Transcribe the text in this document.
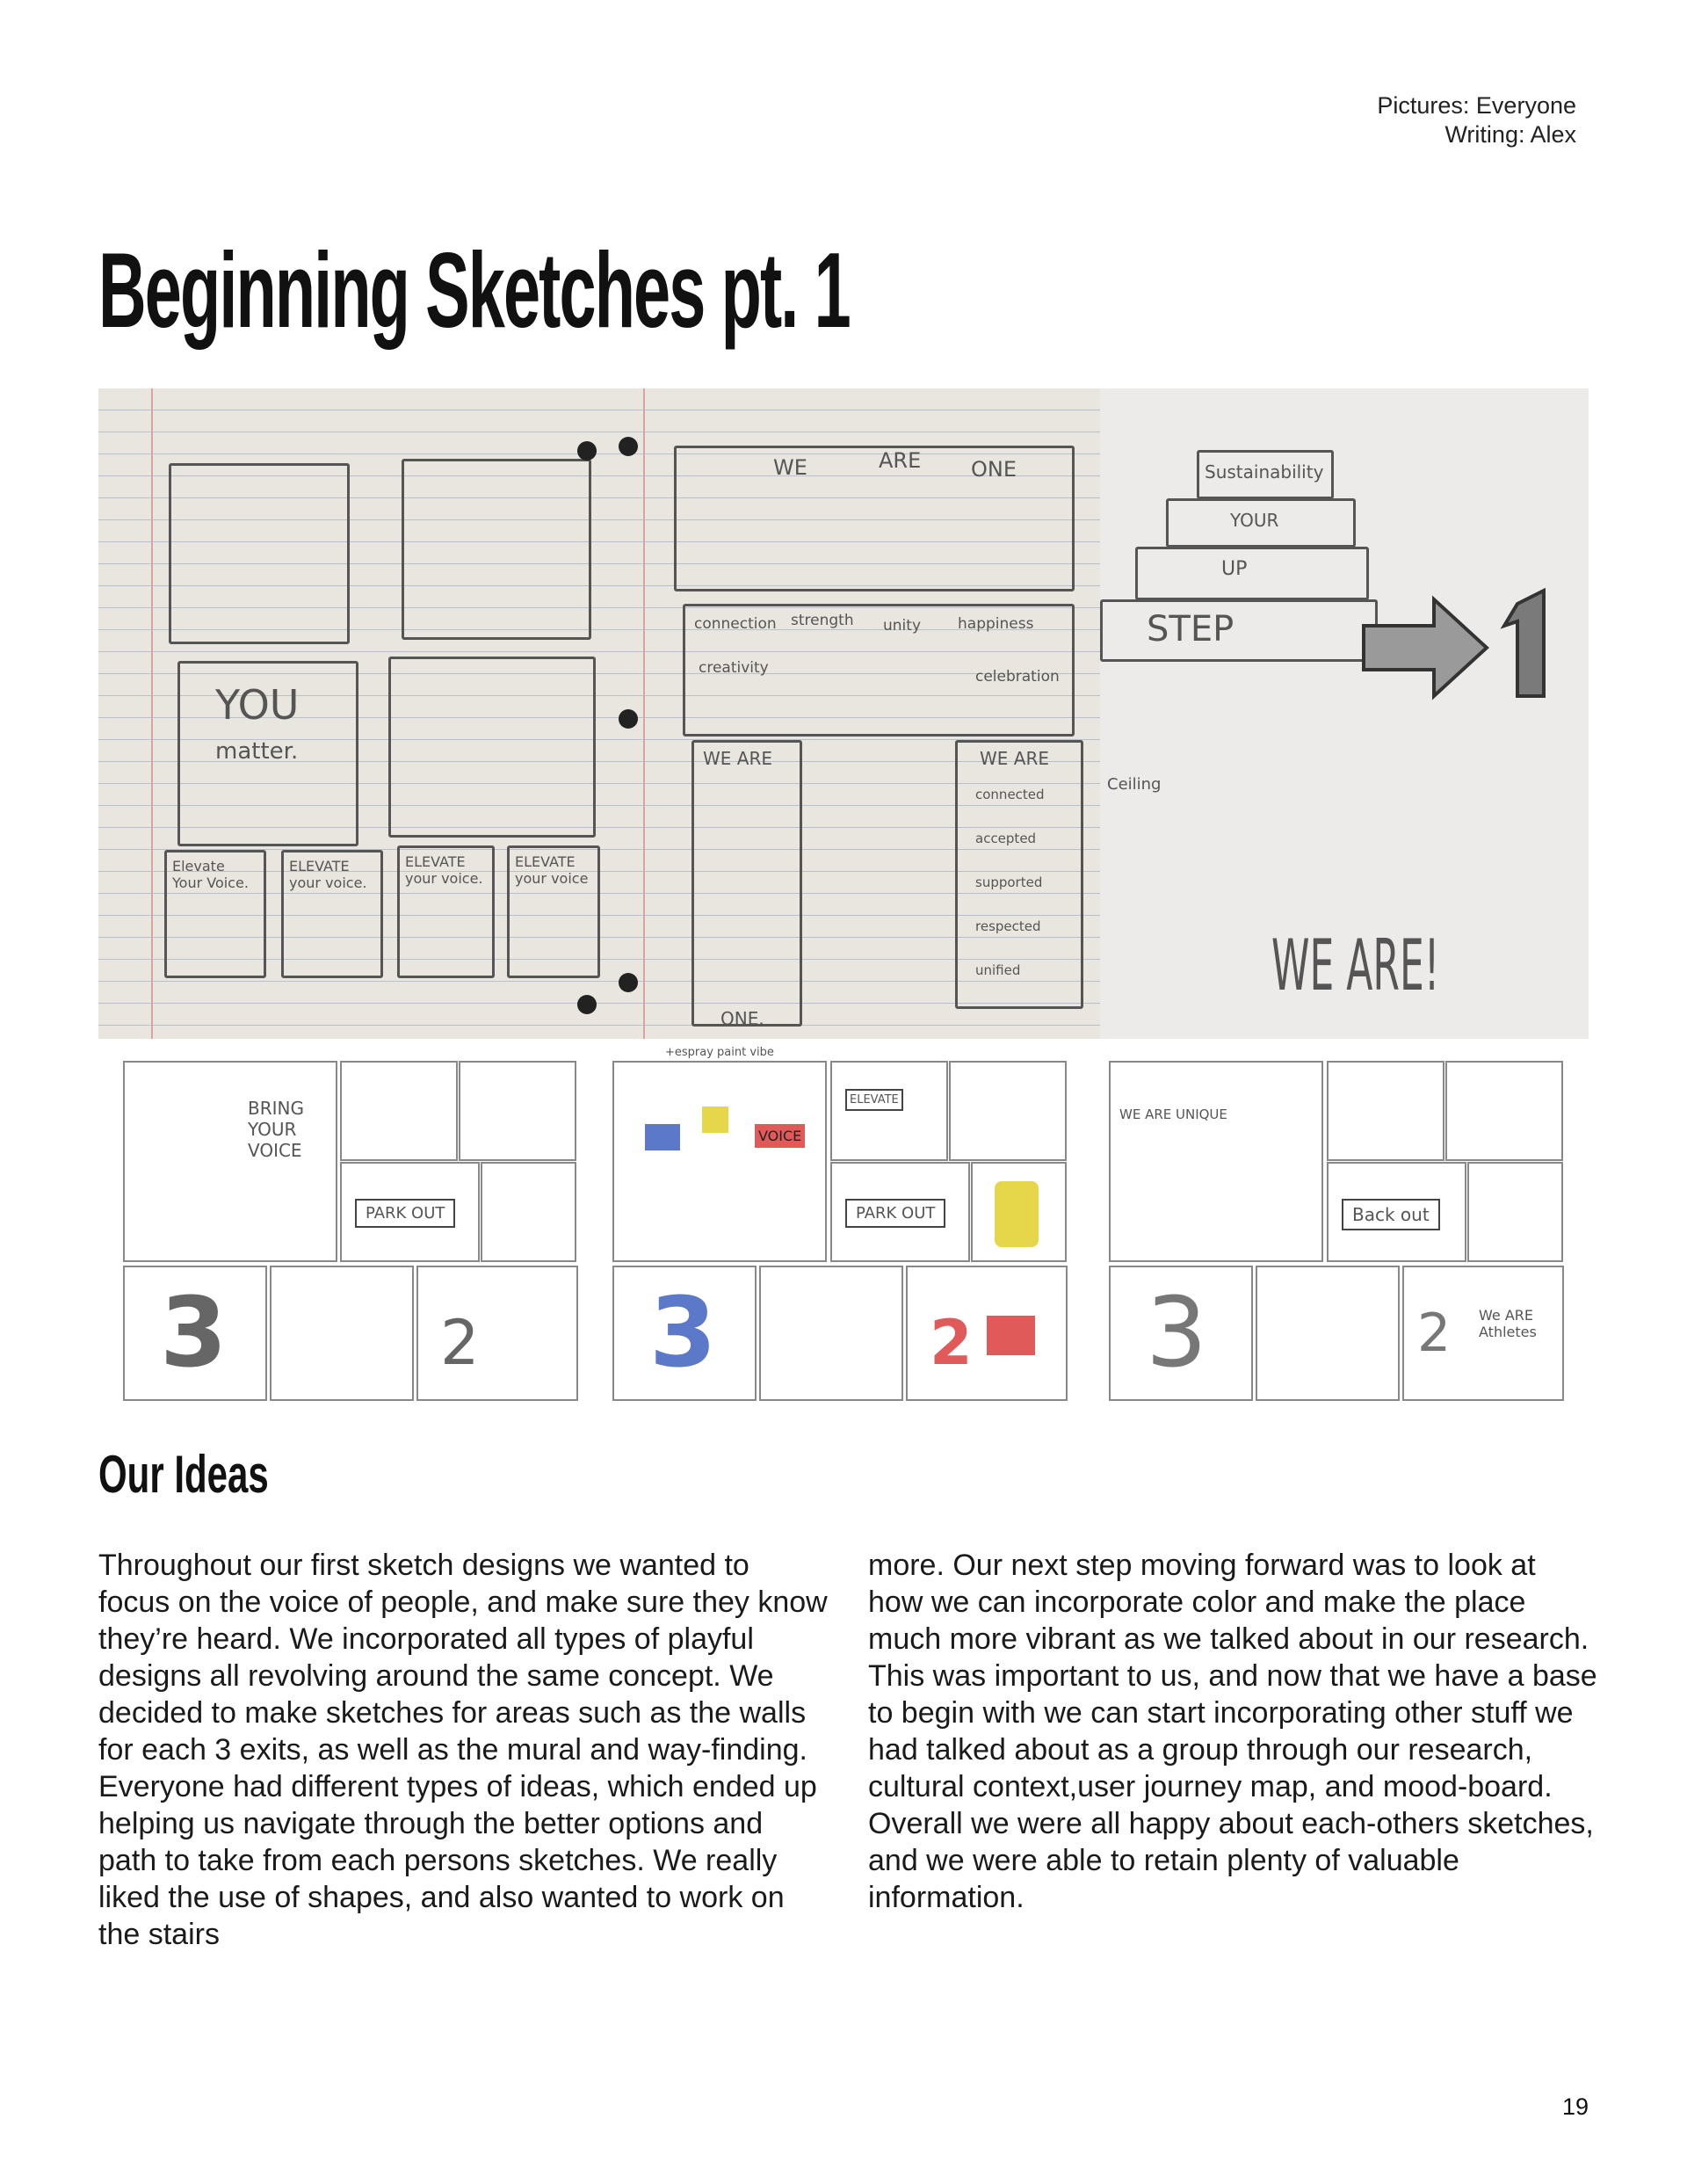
Pictures: Everyone
Writing: Alex
Beginning Sketches pt. 1
YOU
matter.
Elevate Your Voice.
ELEVATE your voice.
ELEVATE your voice.
ELEVATE your voice
WE	ARE ONE
connection strength unity happiness
creativity	celebration
WE ARE	WE ARE
connected
accepted
supported
respected
unified
ONE.
Sustainability
YOUR
UP
STEP
Ceiling
WE ARE!
BRING YOUR VOICE
PARK OUT
3	2
+espray paint vibe
VOICE
ELEVATE
PARK OUT
3	2
WE ARE UNIQUE
Back out
3	2 We ARE Athletes
Our Ideas

Throughout our first sketch designs we wanted to focus on the voice of people, and make sure they know they’re heard. We incorporated all types of playful designs all revolving around the same concept. We decided to make sketches for areas such as the walls for each 3 exits, as well as the mural and way-finding. Everyone had different types of ideas, which ended up helping us navigate through the better options and path to take from each persons sketches. We really liked the use of shapes, and also wanted to work on the stairs

more. Our next step moving forward was to look at how we can incorporate color and make the place much more vibrant as we talked about in our research. This was important to us, and now that we have a base to begin with we can start incorporating other stuff we had talked about as a group through our research, cultural context,user journey map, and mood-board. Overall we were all happy about each-others sketches, and we were able to retain plenty of valuable information.

19
